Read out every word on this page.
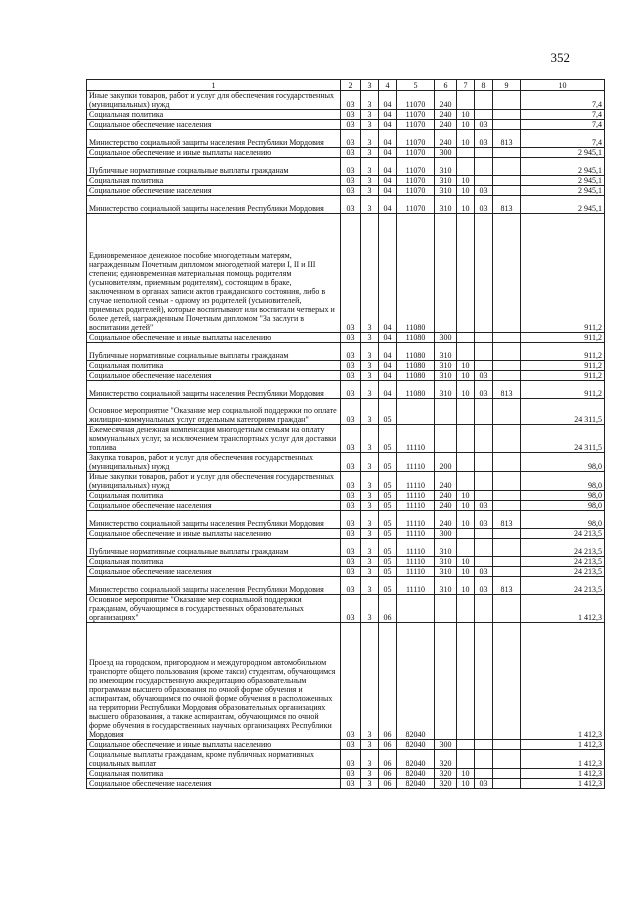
352
1	2	3	4	5	6	7	8	9	10
Иные закупки товаров, работ и услуг для обеспечения государственных (муниципальных) нужд	03	3	04	11070	240				7,4
Социальная политика	03	3	04	11070	240	10			7,4
Социальное обеспечение населения	03	3	04	11070	240	10	03		7,4
Министерство социальной защиты населения Республики Мордовия	03	3	04	11070	240	10	03	813	7,4
Социальное обеспечение и иные выплаты населению	03	3	04	11070	300				2 945,1
Публичные нормативные социальные выплаты гражданам	03	3	04	11070	310				2 945,1
Социальная политика	03	3	04	11070	310	10			2 945,1
Социальное обеспечение населения	03	3	04	11070	310	10	03		2 945,1
Министерство социальной защиты населения Республики Мордовия	03	3	04	11070	310	10	03	813	2 945,1
Единовременное денежное пособие многодетным матерям, награжденным Почетным дипломом многодетной матери I, II и III степени; единовременная материальная помощь родителям (усыновителям, приемным родителям), состоящим в браке, заключенном в органах записи актов гражданского состояния, либо в случае неполной семьи - одному из родителей (усыновителей, приемных родителей), которые воспитывают или воспитали четверых и более детей, награжденным Почетным дипломом "За заслуги в воспитании детей"	03	3	04	11080					911,2
Социальное обеспечение и иные выплаты населению	03	3	04	11080	300				911,2
Публичные нормативные социальные выплаты гражданам	03	3	04	11080	310				911,2
Социальная политика	03	3	04	11080	310	10			911,2
Социальное обеспечение населения	03	3	04	11080	310	10	03		911,2
Министерство социальной защиты населения Республики Мордовия	03	3	04	11080	310	10	03	813	911,2
Основное мероприятие "Оказание мер социальной поддержки по оплате жилищно-коммунальных услуг отдельным категориям граждан"	03	3	05						24 311,5
Ежемесячная денежная компенсация многодетным семьям на оплату коммунальных услуг, за исключением транспортных услуг для доставки топлива	03	3	05	11110					24 311,5
Закупка товаров, работ и услуг для обеспечения государственных (муниципальных) нужд	03	3	05	11110	200				98,0
Иные закупки товаров, работ и услуг для обеспечения государственных (муниципальных) нужд	03	3	05	11110	240				98,0
Социальная политика	03	3	05	11110	240	10			98,0
Социальное обеспечение населения	03	3	05	11110	240	10	03		98,0
Министерство социальной защиты населения Республики Мордовия	03	3	05	11110	240	10	03	813	98,0
Социальное обеспечение и иные выплаты населению	03	3	05	11110	300				24 213,5
Публичные нормативные социальные выплаты гражданам	03	3	05	11110	310				24 213,5
Социальная политика	03	3	05	11110	310	10			24 213,5
Социальное обеспечение населения	03	3	05	11110	310	10	03		24 213,5
Министерство социальной защиты населения Республики Мордовия	03	3	05	11110	310	10	03	813	24 213,5
Основное мероприятие "Оказание мер социальной поддержки гражданам, обучающимся в государственных образовательных организациях"	03	3	06						1 412,3
Проезд на городском, пригородном и междугородном автомобильном транспорте общего пользования (кроме такси) студентам, обучающимся по имеющим государственную аккредитацию образовательным программам высшего образования по очной форме обучения и аспирантам, обучающимся по очной форме обучения в расположенных на территории Республики Мордовия образовательных организациях высшего образования, а также аспирантам, обучающимся по очной форме обучения в государственных научных организациях Республики Мордовия	03	3	06	82040					1 412,3
Социальное обеспечение и иные выплаты населению	03	3	06	82040	300				1 412,3
Социальные выплаты гражданам, кроме публичных нормативных социальных выплат	03	3	06	82040	320				1 412,3
Социальная политика	03	3	06	82040	320	10			1 412,3
Социальное обеспечение населения	03	3	06	82040	320	10	03		1 412,3
